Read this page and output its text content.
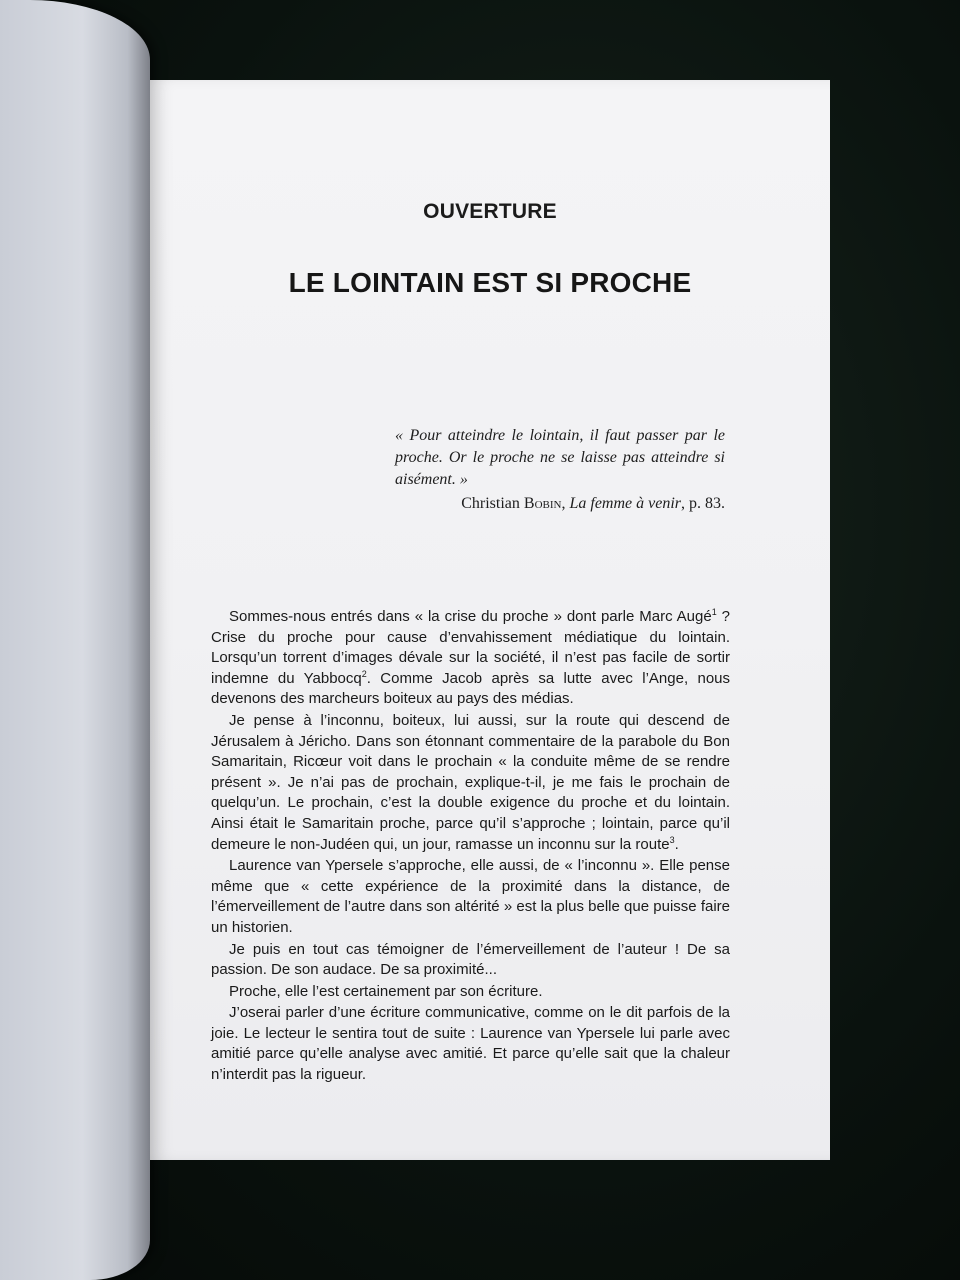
OUVERTURE
LE LOINTAIN EST SI PROCHE
« Pour atteindre le lointain, il faut passer par le proche. Or le proche ne se laisse pas atteindre si aisément. »
Christian Bobin, La femme à venir, p. 83.

Sommes-nous entrés dans « la crise du proche » dont parle Marc Augé$^1$ ? Crise du proche pour cause d’envahissement médiatique du lointain. Lorsqu’un torrent d’images dévale sur la société, il n’est pas facile de sortir indemne du Yabbocq$^2$. Comme Jacob après sa lutte avec l’Ange, nous devenons des marcheurs boiteux au pays des médias.

Je pense à l’inconnu, boiteux, lui aussi, sur la route qui descend de Jérusalem à Jéricho. Dans son étonnant commentaire de la parabole du Bon Samaritain, Ricœur voit dans le prochain « la conduite même de se rendre présent ». Je n’ai pas de prochain, explique-t-il, je me fais le prochain de quelqu’un. Le prochain, c’est la double exigence du proche et du lointain. Ainsi était le Samaritain proche, parce qu’il s’approche ; lointain, parce qu’il demeure le non-Judéen qui, un jour, ramasse un inconnu sur la route$^3$.

Laurence van Ypersele s’approche, elle aussi, de « l’inconnu ». Elle pense même que « cette expérience de la proximité dans la distance, de l’émerveillement de l’autre dans son altérité » est la plus belle que puisse faire un historien.

Je puis en tout cas témoigner de l’émerveillement de l’auteur ! De sa passion. De son audace. De sa proximité...

Proche, elle l’est certainement par son écriture.

J’oserai parler d’une écriture communicative, comme on le dit parfois de la joie. Le lecteur le sentira tout de suite : Laurence van Ypersele lui parle avec amitié parce qu’elle analyse avec amitié. Et parce qu’elle sait que la chaleur n’interdit pas la rigueur.
